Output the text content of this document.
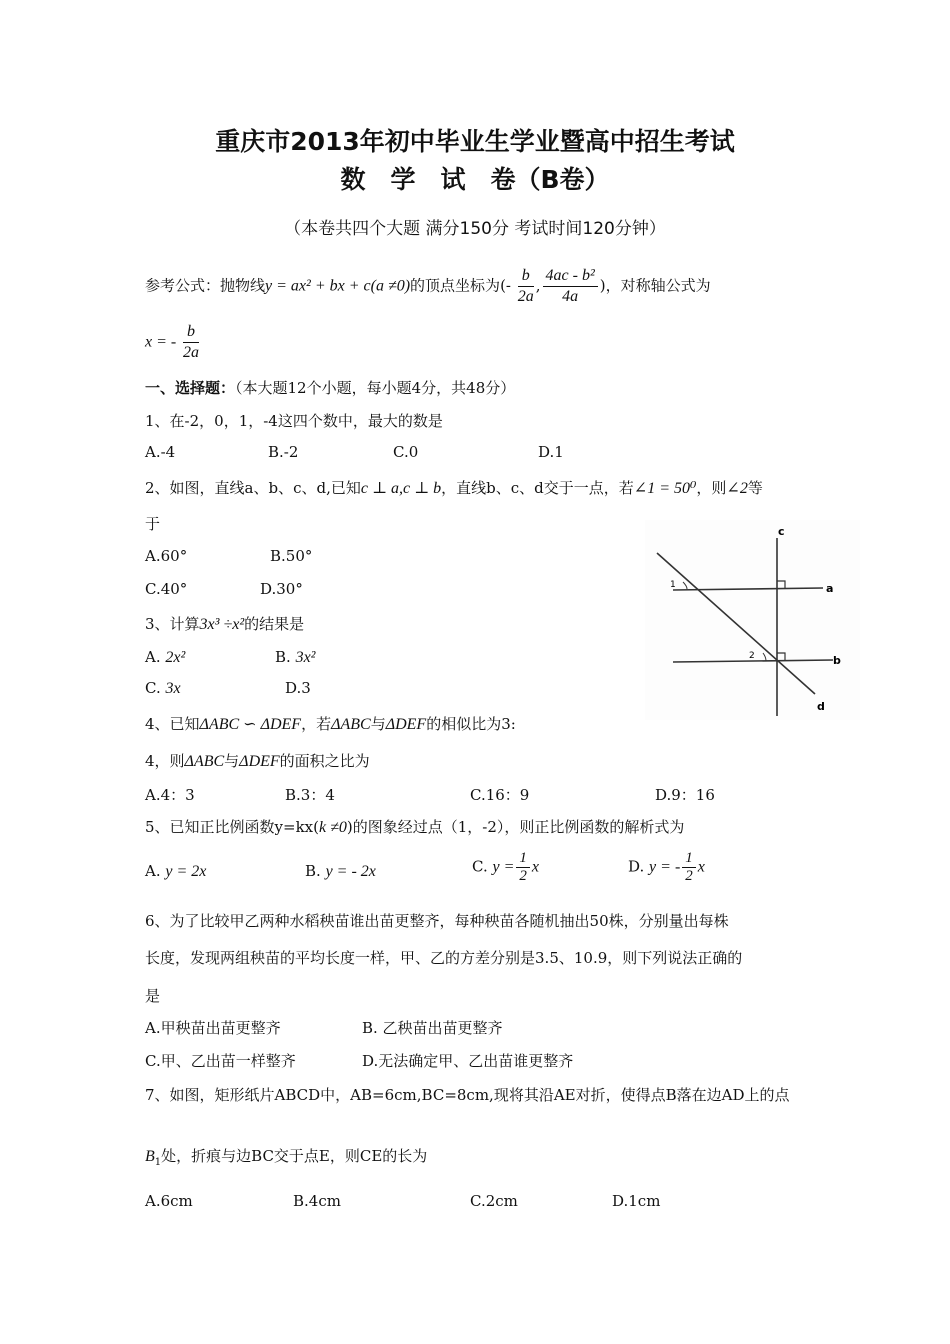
重庆市2013年初中毕业生学业暨高中招生考试
数　学　试　卷（B卷）
（本卷共四个大题 满分150分 考试时间120分钟）
参考公式：抛物线y = ax² + bx + c(a ≠0)的顶点坐标为(- $\frac{b}{2a}$ , $\frac{\text{4ac - b²}}{4a}$ )，对称轴公式为
x = - $\frac{b}{2a}$
一、选择题：（本大题12个小题，每小题4分，共48分）
1、在-2，0，1，-4这四个数中，最大的数是
A.-4	B.-2	C.0	D.1
2、如图，直线a、b、c、d,已知c ⊥ a,c ⊥ b，直线b、c、d交于一点，若∠1 = 50⁰，则∠2等
于
A.60°	B.50°
C.40°	D.30°
c
a
b
d
1
2
3、计算3x³ ÷x²的结果是
A. 2x²	B. 3x²
C. 3x	D.3
4、已知ΔABC ∽ ΔDEF，若ΔABC与ΔDEF的相似比为3:
4，则ΔABC与ΔDEF的面积之比为
A.4：3	B.3：4	C.16：9	D.9：16
5、已知正比例函数y=kx(k ≠0)的图象经过点（1，-2），则正比例函数的解析式为
A. y = 2x	B. y = - 2x	C. $y = \frac{1}{2}$ x	D. y = - $\frac{1}{2}$ x
6、为了比较甲乙两种水稻秧苗谁出苗更整齐，每种秧苗各随机抽出50株，分别量出每株
长度，发现两组秧苗的平均长度一样，甲、乙的方差分别是3.5、10.9，则下列说法正确的
是
A.甲秧苗出苗更整齐	B. 乙秧苗出苗更整齐
C.甲、乙出苗一样整齐	D.无法确定甲、乙出苗谁更整齐
7、如图，矩形纸片ABCD中，AB=6cm,BC=8cm,现将其沿AE对折，使得点B落在边AD上的点
$B_1$处，折痕与边BC交于点E，则CE的长为
A.6cm	B.4cm	C.2cm	D.1cm
